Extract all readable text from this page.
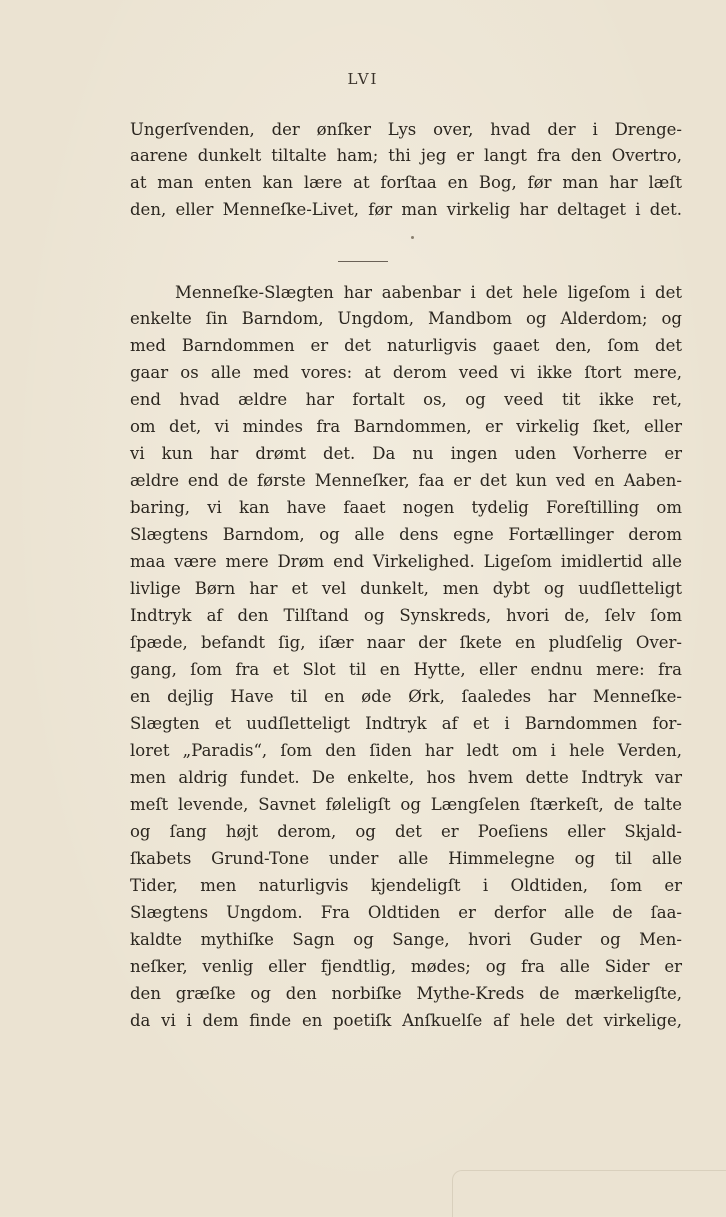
LVI
Ungerſvenden, der ønſker Lys over, hvad der i Drenge-
aarene dunkelt tiltalte ham; thi jeg er langt fra den Overtro,
at man enten kan lære at forſtaa en Bog, før man har læſt
den, eller Menneſke-Livet, før man virkelig har deltaget i det.
Menneſke-Slægten har aabenbar i det hele ligeſom i det
enkelte ſin Barndom, Ungdom, Mandbom og Alderdom; og
med Barndommen er det naturligvis gaaet den, ſom det
gaar os alle med vores: at derom veed vi ikke ſtort mere,
end hvad ældre har fortalt os, og veed tit ikke ret,
om det, vi mindes fra Barndommen, er virkelig ſket, eller
vi kun har drømt det. Da nu ingen uden Vorherre er
ældre end de første Menneſker, faa er det kun ved en Aaben-
baring, vi kan have faaet nogen tydelig Foreſtilling om
Slægtens Barndom, og alle dens egne Fortællinger derom
maa være mere Drøm end Virkelighed. Ligeſom imidlertid alle
livlige Børn har et vel dunkelt, men dybt og uudſletteligt
Indtryk af den Tilſtand og Synskreds, hvori de, ſelv ſom
ſpæde, befandt ſig, iſær naar der ſkete en pludſelig Over-
gang, ſom fra et Slot til en Hytte, eller endnu mere: fra
en dejlig Have til en øde Ørk, ſaaledes har Menneſke-
Slægten et uudſletteligt Indtryk af et i Barndommen for-
loret „Paradis“, ſom den ſiden har ledt om i hele Verden,
men aldrig fundet. De enkelte, hos hvem dette Indtryk var
meſt levende, Savnet føleligſt og Længſelen ſtærkeſt, de talte
og ſang højt derom, og det er Poeſiens eller Skjald-
ſkabets Grund-Tone under alle Himmelegne og til alle
Tider, men naturligvis kjendeligſt i Oldtiden, ſom er
Slægtens Ungdom. Fra Oldtiden er derfor alle de ſaa-
kaldte mythiſke Sagn og Sange, hvori Guder og Men-
neſker, venlig eller fjendtlig, mødes; og fra alle Sider er
den græſke og den norbiſke Mythe-Kreds de mærkeligſte,
da vi i dem finde en poetiſk Anſkuelſe af hele det virkelige,
